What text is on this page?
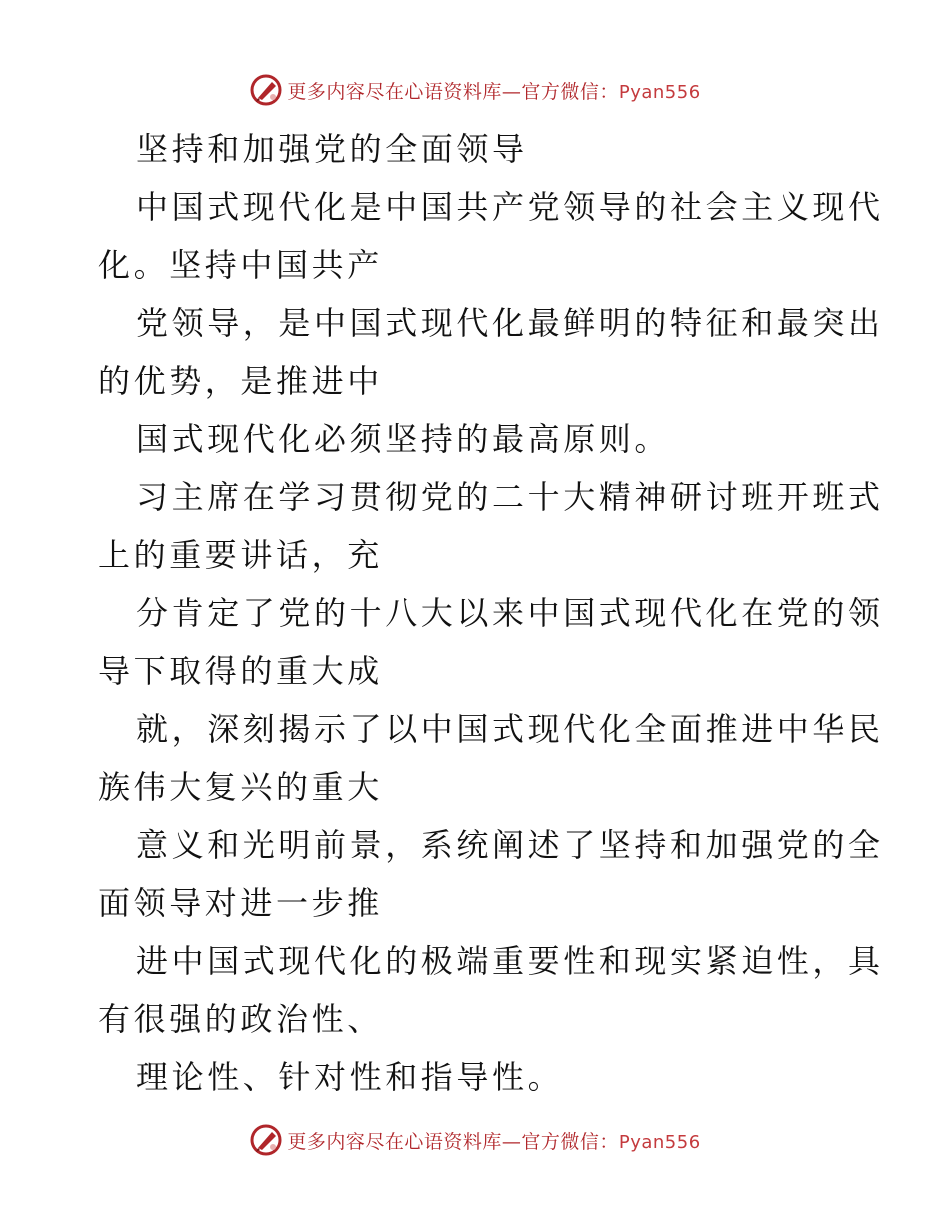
更多内容尽在心语资料库—官方微信：Pyan556

坚持和加强党的全面领导

中国式现代化是中国共产党领导的社会主义现代
化。坚持中国共产

党领导，是中国式现代化最鲜明的特征和最突出
的优势，是推进中

国式现代化必须坚持的最高原则。

习主席在学习贯彻党的二十大精神研讨班开班式
上的重要讲话，充

分肯定了党的十八大以来中国式现代化在党的领
导下取得的重大成

就，深刻揭示了以中国式现代化全面推进中华民
族伟大复兴的重大

意义和光明前景，系统阐述了坚持和加强党的全
面领导对进一步推

进中国式现代化的极端重要性和现实紧迫性，具
有很强的政治性、

理论性、针对性和指导性。

更多内容尽在心语资料库—官方微信：Pyan556
